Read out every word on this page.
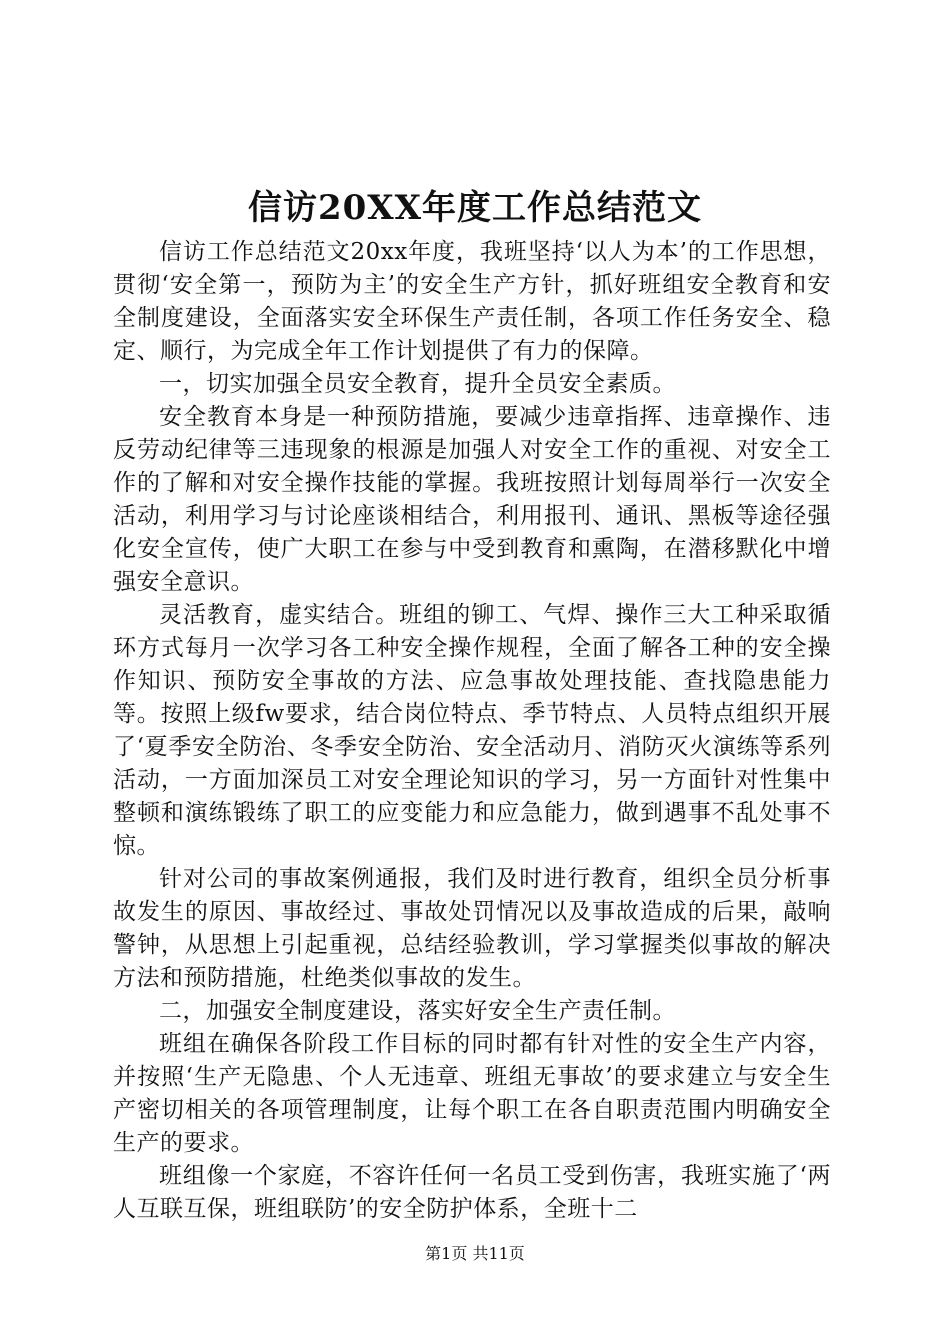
信访20XX年度工作总结范文

信访工作总结范文20xx年度，我班坚持‘以人为本’的工作思想，贯彻‘安全第一，预防为主’的安全生产方针，抓好班组安全教育和安全制度建设，全面落实安全环保生产责任制，各项工作任务安全、稳定、顺行，为完成全年工作计划提供了有力的保障。

一，切实加强全员安全教育，提升全员安全素质。

安全教育本身是一种预防措施，要减少违章指挥、违章操作、违反劳动纪律等三违现象的根源是加强人对安全工作的重视、对安全工作的了解和对安全操作技能的掌握。我班按照计划每周举行一次安全活动，利用学习与讨论座谈相结合，利用报刊、通讯、黑板等途径强化安全宣传，使广大职工在参与中受到教育和熏陶，在潜移默化中增强安全意识。

灵活教育，虚实结合。班组的铆工、气焊、操作三大工种采取循环方式每月一次学习各工种安全操作规程，全面了解各工种的安全操作知识、预防安全事故的方法、应急事故处理技能、查找隐患能力等。按照上级fw要求，结合岗位特点、季节特点、人员特点组织开展了‘夏季安全防治、冬季安全防治、安全活动月、消防灭火演练等系列活动，一方面加深员工对安全理论知识的学习，另一方面针对性集中整顿和演练锻练了职工的应变能力和应急能力，做到遇事不乱处事不惊。

针对公司的事故案例通报，我们及时进行教育，组织全员分析事故发生的原因、事故经过、事故处罚情况以及事故造成的后果，敲响警钟，从思想上引起重视，总结经验教训，学习掌握类似事故的解决方法和预防措施，杜绝类似事故的发生。

二，加强安全制度建设，落实好安全生产责任制。

班组在确保各阶段工作目标的同时都有针对性的安全生产内容，并按照‘生产无隐患、个人无违章、班组无事故’的要求建立与安全生产密切相关的各项管理制度，让每个职工在各自职责范围内明确安全生产的要求。

班组像一个家庭，不容许任何一名员工受到伤害，我班实施了‘两人互联互保，班组联防’的安全防护体系，全班十二

第1页 共11页
